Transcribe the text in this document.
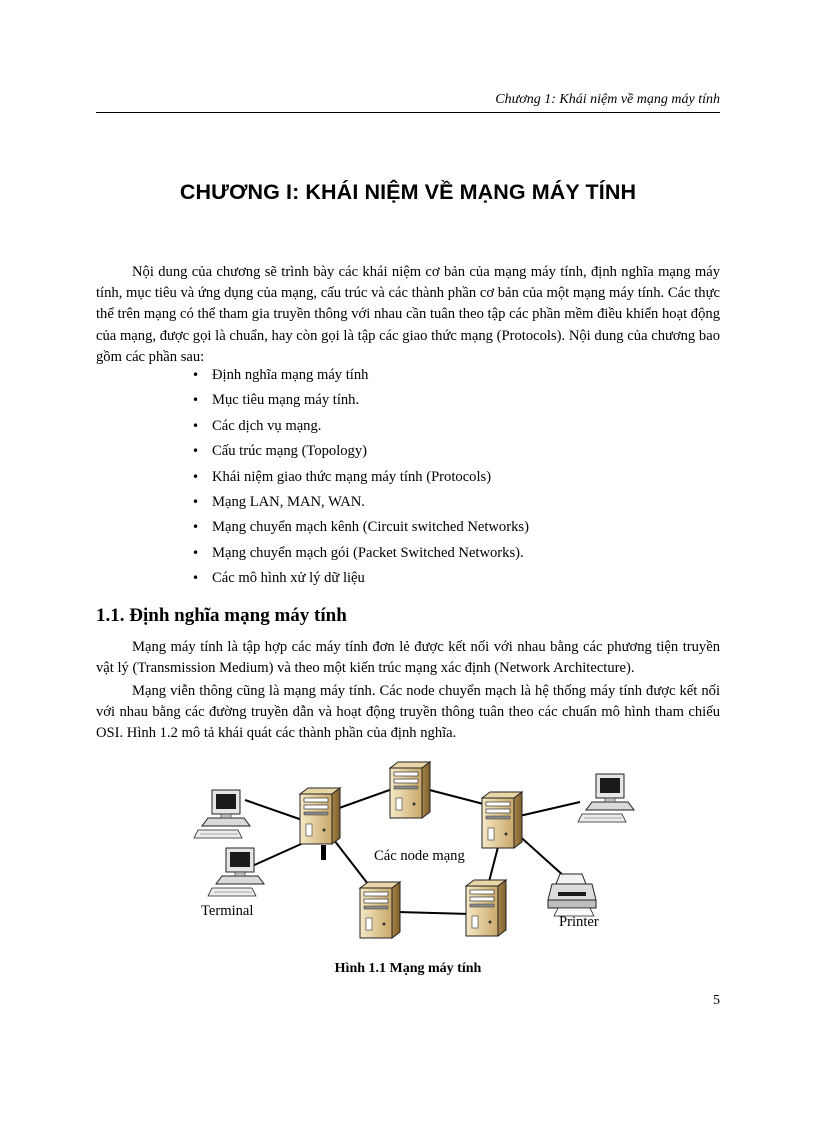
Chương 1: Khái niệm về mạng máy tính
CHƯƠNG I: KHÁI NIỆM VỀ MẠNG MÁY TÍNH

Nội dung của chương sẽ trình bày các khái niệm cơ bản của mạng máy tính, định nghĩa mạng máy tính, mục tiêu và ứng dụng của mạng, cấu trúc và các thành phần cơ bản của một mạng máy tính. Các thực thể trên mạng có thể tham gia truyền thông với nhau cần tuân theo tập các phần mềm điều khiển hoạt động của mạng, được gọi là chuẩn, hay còn gọi là tập các giao thức mạng (Protocols). Nội dung của chương bao gồm các phần sau:

• Định nghĩa mạng máy tính
• Mục tiêu mạng máy tính.
• Các dịch vụ mạng.
• Cấu trúc mạng (Topology)
• Khái niệm giao thức mạng máy tính (Protocols)
• Mạng LAN, MAN, WAN.
• Mạng chuyển mạch kênh (Circuit switched Networks)
• Mạng chuyển mạch gói (Packet Switched Networks).
• Các mô hình xử lý dữ liệu
1.1. Định nghĩa mạng máy tính

Mạng máy tính là tập hợp các máy tính đơn lẻ được kết nối với nhau bằng các phương tiện truyền vật lý (Transmission Medium) và theo một kiến trúc mạng xác định (Network Architecture).

Mạng viễn thông cũng là mạng máy tính. Các node chuyển mạch là hệ thống máy tính được kết nối với nhau bằng các đường truyền dẫn và hoạt động truyền thông tuân theo các chuẩn mô hình tham chiếu OSI. Hình 1.2 mô tả khái quát các thành phần của định nghĩa.

Các node mạng
Terminal
Printer
Hình 1.1 Mạng máy tính
5
